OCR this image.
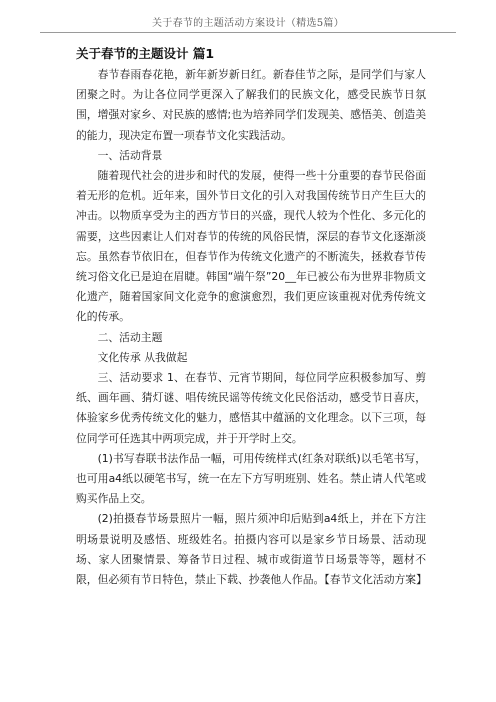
关于春节的主题活动方案设计（精选5篇）
关于春节的主题设计 篇1

春节春雨春花艳，新年新岁新日红。新春佳节之际，是同学们与家人团聚之时。为让各位同学更深入了解我们的民族文化，感受民族节日氛围，增强对家乡、对民族的感情;也为培养同学们发现美、感悟美、创造美的能力，现决定布置一项春节文化实践活动。

一、活动背景

随着现代社会的进步和时代的发展，使得一些十分重要的春节民俗面着无形的危机。近年来，国外节日文化的引入对我国传统节日产生巨大的冲击。以物质享受为主的西方节日的兴盛，现代人较为个性化、多元化的需要，这些因素让人们对春节的传统的风俗民情，深层的春节文化逐渐淡忘。虽然春节依旧在，但春节作为传统文化遗产的不断流失，拯救春节传统习俗文化已是迫在眉睫。韩国“端午祭”20__年已被公布为世界非物质文化遗产，随着国家间文化竞争的愈演愈烈，我们更应该重视对优秀传统文化的传承。

二、活动主题

文化传承 从我做起

三、活动要求 1、在春节、元宵节期间，每位同学应积极参加写、剪纸、画年画、猜灯谜、唱传统民谣等传统文化民俗活动，感受节日喜庆，体验家乡优秀传统文化的魅力，感悟其中蕴涵的文化理念。以下三项，每位同学可任选其中两项完成，并于开学时上交。

(1)书写春联书法作品一幅，可用传统样式(红条对联纸)以毛笔书写，也可用a4纸以硬笔书写，统一在左下方写明班别、姓名。禁止请人代笔或购买作品上交。

(2)拍摄春节场景照片一幅，照片须冲印后贴到a4纸上，并在下方注明场景说明及感悟、班级姓名。拍摄内容可以是家乡节日场景、活动现场、家人团聚情景、筹备节日过程、城市或街道节日场景等等，题材不限，但必须有节日特色，禁止下载、抄袭他人作品。【春节文化活动方案】
